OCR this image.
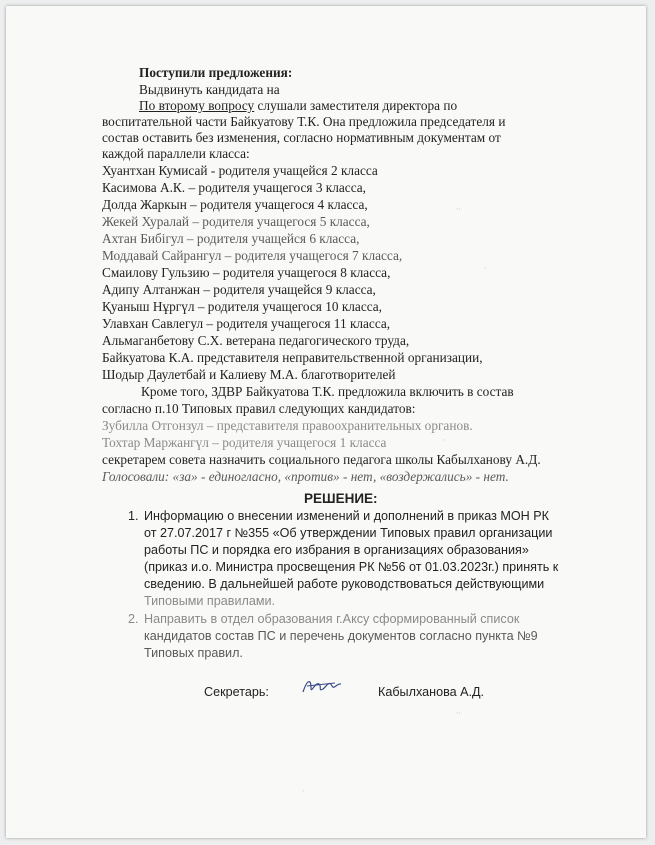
Поступили предложения:
Выдвинуть кандидата на
По второму вопросу слушали заместителя директора по
воспитательной части Байкуатову Т.К. Она предложила председателя и
состав оставить без изменения, согласно нормативным документам от
каждой параллели класса:
Хуантхан Кумисай - родителя учащейся 2 класса
Касимова А.К. – родителя учащегося 3 класса,
Долда Жаркын – родителя учащегося 4 класса,
Жекей Хуралай – родителя учащегося 5 класса,
Ахтан Бибігул – родителя учащейся 6 класса,
Моддавай Сайрангул – родителя учащегося 7 класса,
Смаилову Гульзию – родителя учащегося 8 класса,
Адипу Алтанжан – родителя учащейся 9 класса,
Қуаныш Нұргүл – родителя учащегося 10 класса,
Улавхан Савлегул – родителя учащегося 11 класса,
Альмаганбетову С.Х. ветерана педагогического труда,
Байкуатова К.А. представителя неправительственной организации,
Шодыр Даулетбай и Калиеву М.А. благотворителей
Кроме того, ЗДВР Байкуатова Т.К. предложила включить в состав
согласно п.10 Типовых правил следующих кандидатов:
Зубилла Отгонзул – представителя правоохранительных органов.
Тохтар Маржангүл – родителя учащегося 1 класса
секретарем совета назначить социального педагога школы Кабылханову А.Д.
Голосовали: «за» - единогласно, «против» - нет, «воздержались» - нет.
РЕШЕНИЕ:
1. Информацию о внесении изменений и дополнений в приказ МОН РК
от 27.07.2017 г №355 «Об утверждении Типовых правил организации
работы ПС и порядка его избрания в организациях образования»
(приказ и.о. Министра просвещения РК №56 от 01.03.2023г.) принять к
сведению. В дальнейшей работе руководствоваться действующими
Типовыми правилами.
2. Направить в отдел образования г.Аксу сформированный список
кандидатов состав ПС и перечень документов согласно пункта №9
Типовых правил.
Секретарь:	Кабылханова А.Д.
∙∙
∙
∙
∙∙
∙
